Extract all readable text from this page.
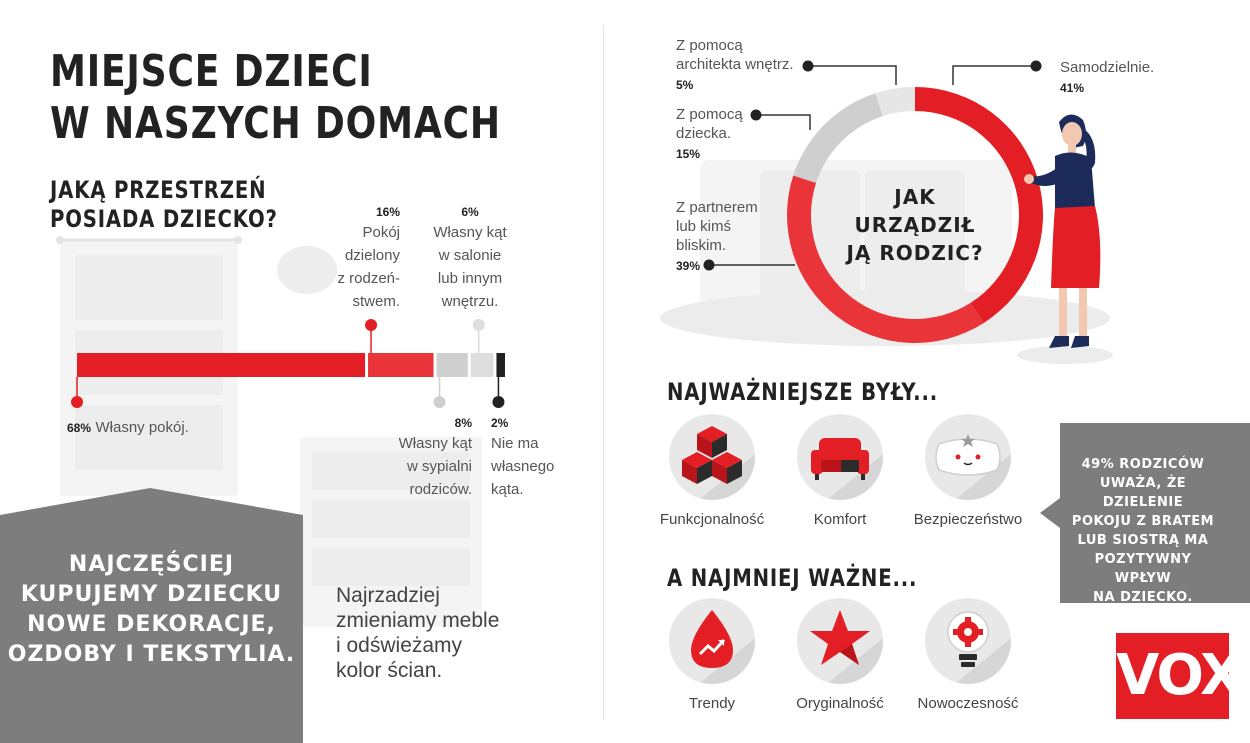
MIEJSCE DZIECI
W NASZYCH DOMACH
JAKĄ PRZESTRZEŃ
POSIADA DZIECKO?
68% Własny pokój.
16%
Pokój
dzielony
z rodzeń-
stwem.
6%
Własny kąt
w salonie
lub innym
wnętrzu.
8%
Własny kąt
w sypialni
rodziców.
2%
Nie ma
własnego
kąta.
NAJCZĘŚCIEJ
KUPUJEMY DZIECKU
NOWE DEKORACJE,
OZDOBY I TEKSTYLIA.
Najrzadziej
zmieniamy meble
i odświeżamy
kolor ścian.
JAK URZĄDZIŁ
JĄ RODZIC?
Z pomocą
architekta wnętrz.
5%
Z pomocą
dziecka.
15%
Z partnerem
lub kimś
bliskim.
39%
Samodzielnie.
41%
NAJWAŻNIEJSZE BYŁY...
A NAJMNIEJ WAŻNE...
Funkcjonalność	Komfort	Bezpieczeństwo
Trendy	Oryginalność	Nowoczesność
49% RODZICÓW
UWAŻA, ŻE DZIELENIE
POKOJU Z BRATEM
LUB SIOSTRĄ MA
POZYTYWNY WPŁYW
NA DZIECKO.
VOX
